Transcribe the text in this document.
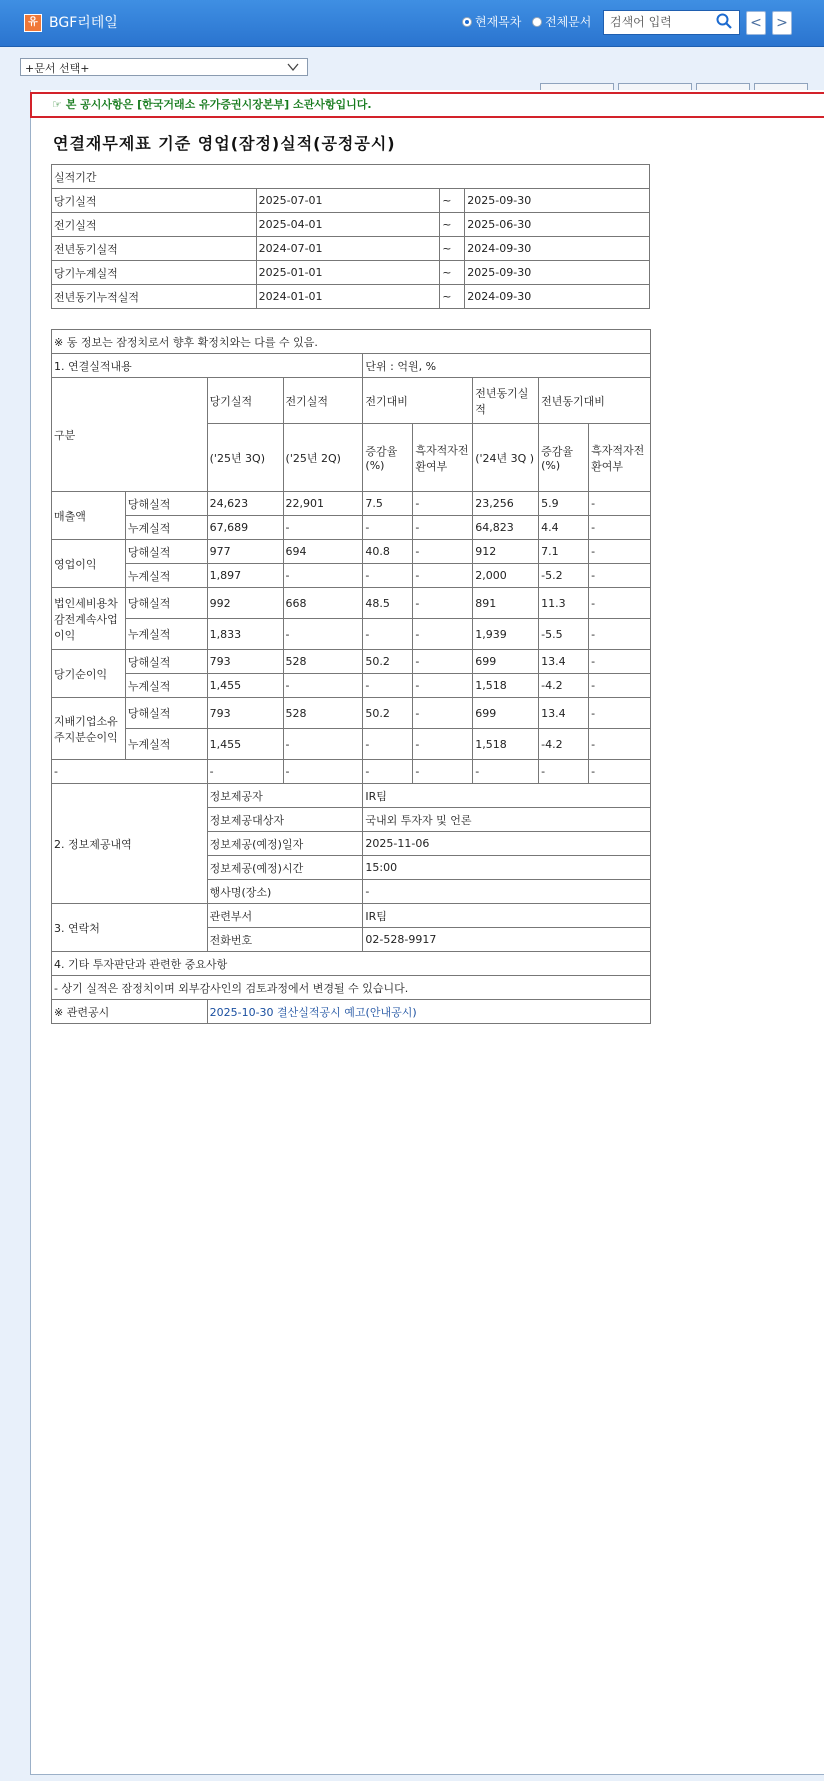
유 BGF리테일	현재목차 전체문서	검색어 입력	< >
+문서 선택+
☞ 본 공시사항은 [한국거래소 유가증권시장본부] 소관사항입니다.
연결재무제표 기준 영업(잠정)실적(공정공시)
실적기간			
당기실적	2025-07-01	~	2025-09-30
전기실적	2025-04-01	~	2025-06-30
전년동기실적	2024-07-01	~	2024-09-30
당기누계실적	2025-01-01	~	2025-09-30
전년동기누적실적	2024-01-01	~	2024-09-30
※ 동 정보는 잠정치로서 향후 확정치와는 다를 수 있음.								
1. 연결실적내용				단위 : 억원, %				
구분		당기실적	전기실적	전기대비		전년동기실적	전년동기대비	
		('25년 3Q)	('25년 2Q)	증감율(%)	흑자적자전환여부	('24년 3Q )	증감율(%)	흑자적자전환여부
매출액	당해실적	24,623	22,901	7.5	-	23,256	5.9	-
	누계실적	67,689	-	-	-	64,823	4.4	-
영업이익	당해실적	977	694	40.8	-	912	7.1	-
	누계실적	1,897	-	-	-	2,000	-5.2	-
법인세비용차감전계속사업이익	당해실적	992	668	48.5	-	891	11.3	-
	누계실적	1,833	-	-	-	1,939	-5.5	-
당기순이익	당해실적	793	528	50.2	-	699	13.4	-
	누계실적	1,455	-	-	-	1,518	-4.2	-
지배기업소유주지분순이익	당해실적	793	528	50.2	-	699	13.4	-
	누계실적	1,455	-	-	-	1,518	-4.2	-
-		-	-	-	-	-	-	-
2. 정보제공내역		정보제공자		IR팀				
		정보제공대상자		국내외 투자자 및 언론				
		정보제공(예정)일자		2025-11-06				
		정보제공(예정)시간		15:00				
		행사명(장소)		-				
3. 연락처		관련부서		IR팀				
		전화번호		02-528-9917				
4. 기타 투자판단과 관련한 중요사항								
- 상기 실적은 잠정치이며 외부감사인의 검토과정에서 변경될 수 있습니다.								
※ 관련공시		2025-10-30 결산실적공시 예고(안내공시)						
